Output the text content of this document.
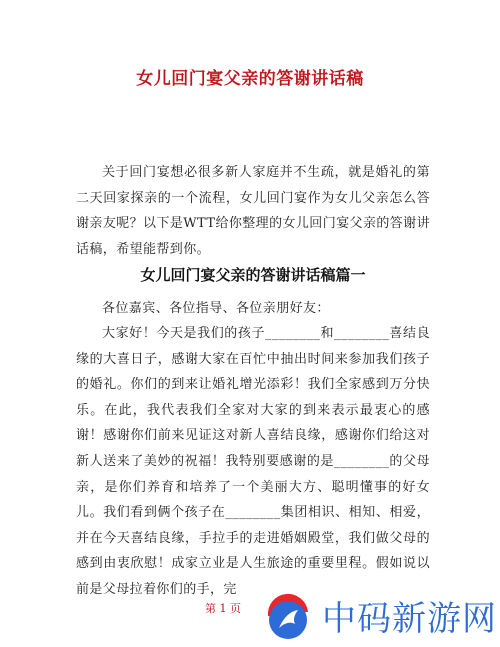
女儿回门宴父亲的答谢讲话稿

关于回门宴想必很多新人家庭并不生疏，就是婚礼的第二天回家探亲的一个流程，女儿回门宴作为女儿父亲怎么答谢亲友呢？以下是WTT给你整理的女儿回门宴父亲的答谢讲话稿，希望能帮到你。

女儿回门宴父亲的答谢讲话稿篇一

各位嘉宾、各位指导、各位亲朋好友：

大家好！今天是我们的孩子________和________喜结良缘的大喜日子，感谢大家在百忙中抽出时间来参加我们孩子的婚礼。你们的到来让婚礼增光添彩！我们全家感到万分快乐。在此，我代表我们全家对大家的到来表示最衷心的感谢！感谢你们前来见证这对新人喜结良缘，感谢你们给这对新人送来了美妙的祝福！我特别要感谢的是________的父母亲，是你们养育和培养了一个美丽大方、聪明懂事的好女儿。我们看到俩个孩子在________集团相识、相知、相爱，并在今天喜结良缘，手拉手的走进婚姻殿堂，我们做父母的感到由衷欣慰！成家立业是人生旅途的重要里程。假如说以前是父母拉着你们的手，完

第 1 页 中码新游网
